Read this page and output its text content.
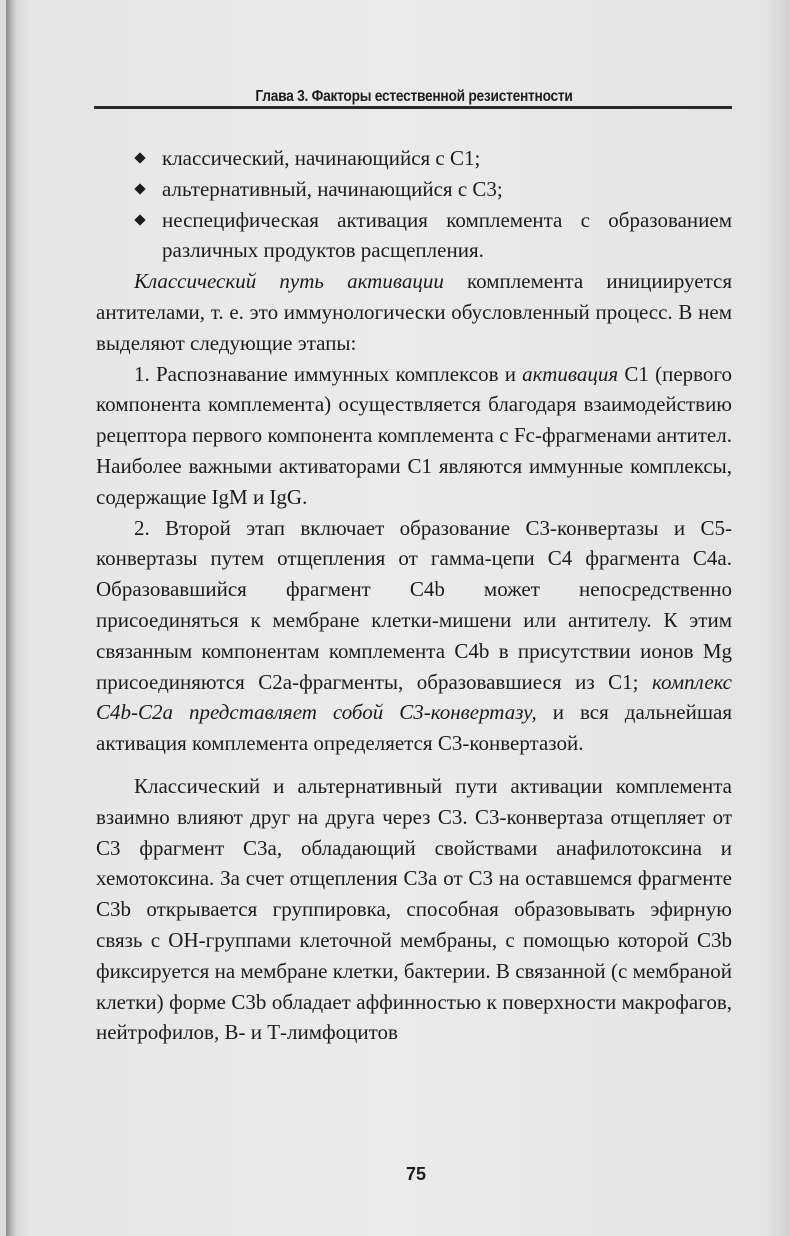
Глава 3. Факторы естественной резистентности
классический, начинающийся с С1;
альтернативный, начинающийся с С3;
неспецифическая активация комплемента с образованием различных продуктов расщепления.

Классический путь активации комплемента инициируется антителами, т. е. это иммунологически обусловленный процесс. В нем выделяют следующие этапы:

1. Распознавание иммунных комплексов и активация С1 (первого компонента комплемента) осуществляется благодаря взаимодействию рецептора первого компонента комплемента с Fc-фрагменами антител. Наиболее важными активаторами С1 являются иммунные комплексы, содержащие IgM и IgG.

2. Второй этап включает образование С3-конвертазы и С5-конвертазы путем отщепления от гамма-цепи С4 фрагмента С4a. Образовавшийся фрагмент С4b может непосредственно присоединяться к мембране клетки-мишени или антителу. К этим связанным компонентам комплемента С4b в присутствии ионов Mg присоединяются С2а-фрагменты, образовавшиеся из С1; комплекс С4b-С2а представляет собой С3-конвертазу, и вся дальнейшая активация комплемента определяется С3-конвертазой.

Классический и альтернативный пути активации комплемента взаимно влияют друг на друга через С3. С3-конвертаза отщепляет от С3 фрагмент С3а, обладающий свойствами анафилотоксина и хемотоксина. За счет отщепления С3а от С3 на оставшемся фрагменте С3b открывается группировка, способная образовывать эфирную связь с ОН-группами клеточной мембраны, с помощью которой С3b фиксируется на мембране клетки, бактерии. В связанной (с мембраной клетки) форме С3b обладает аффинностью к поверхности макрофагов, нейтрофилов, В- и Т-лимфоцитов

75
